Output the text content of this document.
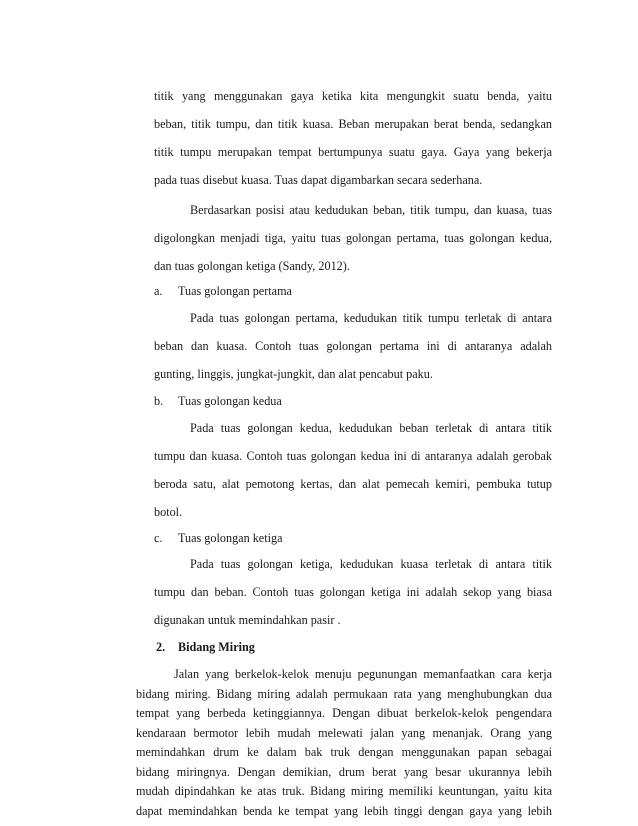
titik yang menggunakan gaya ketika kita mengungkit suatu benda, yaitu
beban, titik tumpu, dan titik kuasa. Beban merupakan berat benda, sedangkan
titik tumpu merupakan tempat bertumpunya suatu gaya. Gaya yang bekerja
pada tuas disebut kuasa. Tuas dapat digambarkan secara sederhana.
Berdasarkan posisi atau kedudukan beban, titik tumpu, dan kuasa, tuas
digolongkan menjadi tiga, yaitu tuas golongan pertama, tuas golongan kedua,
dan tuas golongan ketiga (Sandy, 2012).
a. Tuas golongan pertama
Pada tuas golongan pertama, kedudukan titik tumpu terletak di antara
beban dan kuasa. Contoh tuas golongan pertama ini di antaranya adalah
gunting, linggis, jungkat-jungkit, dan alat pencabut paku.
b. Tuas golongan kedua
Pada tuas golongan kedua, kedudukan beban terletak di antara titik
tumpu dan kuasa. Contoh tuas golongan kedua ini di antaranya adalah gerobak
beroda satu, alat pemotong kertas, dan alat pemecah kemiri, pembuka tutup
botol.
c. Tuas golongan ketiga
Pada tuas golongan ketiga, kedudukan kuasa terletak di antara titik
tumpu dan beban. Contoh tuas golongan ketiga ini adalah sekop yang biasa
digunakan untuk memindahkan pasir .
2. Bidang Miring
Jalan yang berkelok-kelok menuju pegunungan memanfaatkan cara kerja
bidang miring. Bidang miring adalah permukaan rata yang menghubungkan dua
tempat yang berbeda ketinggiannya. Dengan dibuat berkelok-kelok pengendara
kendaraan bermotor lebih mudah melewati jalan yang menanjak. Orang yang
memindahkan drum ke dalam bak truk dengan menggunakan papan sebagai
bidang miringnya. Dengan demikian, drum berat yang besar ukurannya lebih
mudah dipindahkan ke atas truk. Bidang miring memiliki keuntungan, yaitu kita
dapat memindahkan benda ke tempat yang lebih tinggi dengan gaya yang lebih
